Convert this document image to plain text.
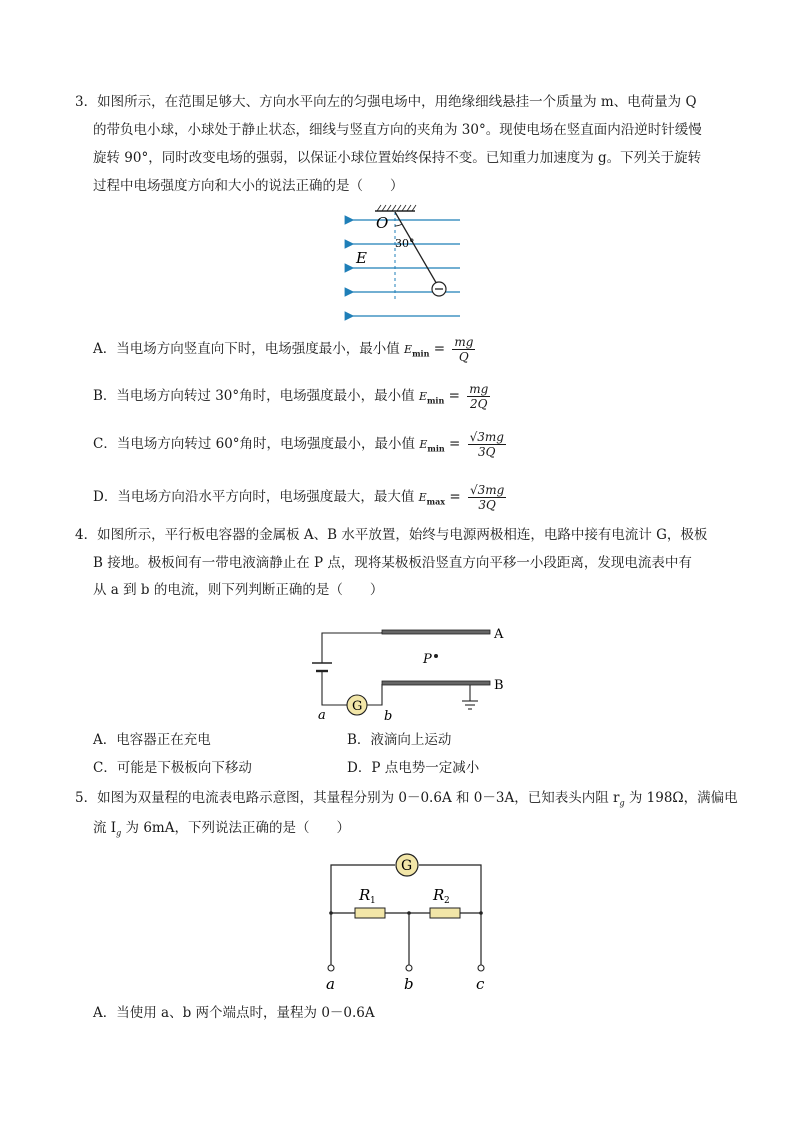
3．如图所示，在范围足够大、方向水平向左的匀强电场中，用绝缘细线悬挂一个质量为 m、电荷量为 Q
的带负电小球，小球处于静止状态，细线与竖直方向的夹角为 30°。现使电场在竖直面内沿逆时针缓慢
旋转 90°，同时改变电场的强弱，以保证小球位置始终保持不变。已知重力加速度为 g。下列关于旋转
过程中电场强度方向和大小的说法正确的是（　　）
O
30°
E
A．当电场方向竖直向下时，电场强度最小，最小值 $E_{min} = \frac{mg}{Q}$
B．当电场方向转过 30°角时，电场强度最小，最小值 $E_{min} = \frac{mg}{2Q}$
C．当电场方向转过 60°角时，电场强度最小，最小值 $E_{min} = \frac{√3mg}{3Q}$
D．当电场方向沿水平方向时，电场强度最大，最大值 $E_{max} = \frac{√3mg}{3Q}$
4．如图所示，平行板电容器的金属板 A、B 水平放置，始终与电源两极相连，电路中接有电流计 G，极板
B 接地。极板间有一带电液滴静止在 P 点，现将某极板沿竖直方向平移一小段距离，发现电流表中有
从 a 到 b 的电流，则下列判断正确的是（　　）
G
P
A
B
a	b
A．电容器正在充电	B．液滴向上运动
C．可能是下极板向下移动	D．P 点电势一定减小
5．如图为双量程的电流表电路示意图，其量程分别为 0－0.6A 和 0－3A，已知表头内阻 $r_g$ 为 198Ω，满偏电
流 $I_g$ 为 6mA，下列说法正确的是（　　）
G
R 1	R 2
a	b	c
A．当使用 a、b 两个端点时，量程为 0－0.6A
